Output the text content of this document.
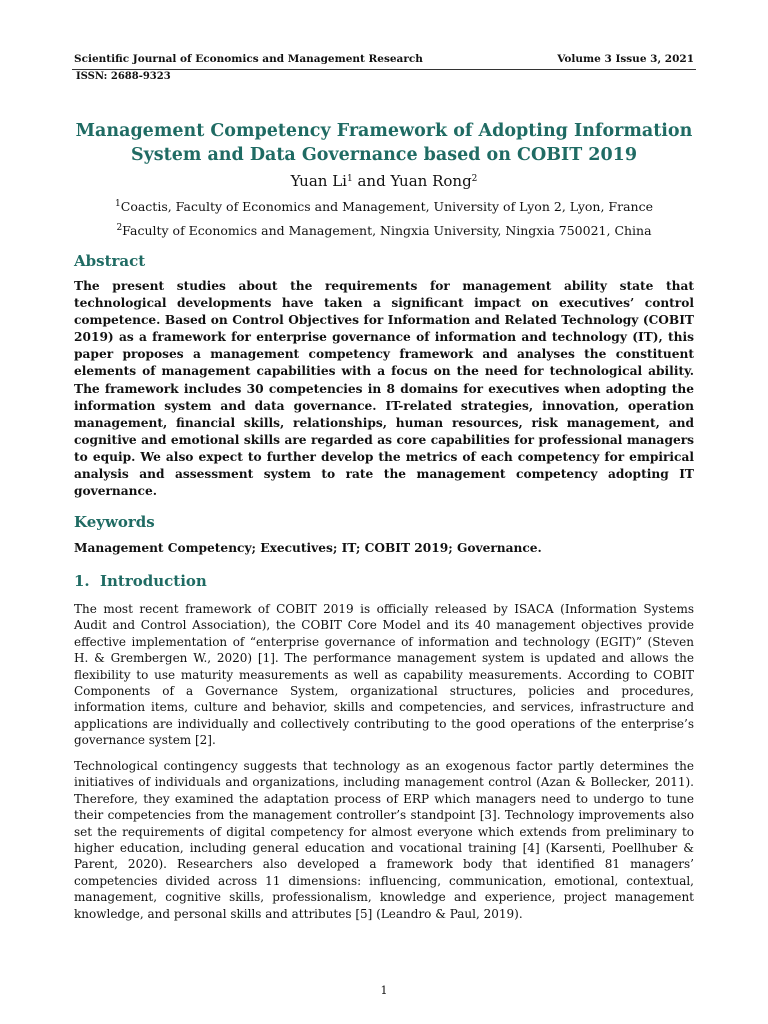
Scientific Journal of Economics and Management Research	Volume 3 Issue 3, 2021
ISSN: 2688-9323
Management Competency Framework of Adopting Information
System and Data Governance based on COBIT 2019
Yuan Li$^1$ and Yuan Rong$^2$
$^1$Coactis, Faculty of Economics and Management, University of Lyon 2, Lyon, France
$^2$Faculty of Economics and Management, Ningxia University, Ningxia 750021, China
Abstract

The present studies about the requirements for management ability state that technological developments have taken a significant impact on executives’ control competence. Based on Control Objectives for Information and Related Technology (COBIT 2019) as a framework for enterprise governance of information and technology (IT), this paper proposes a management competency framework and analyses the constituent elements of management capabilities with a focus on the need for technological ability. The framework includes 30 competencies in 8 domains for executives when adopting the information system and data governance. IT-related strategies, innovation, operation management, financial skills, relationships, human resources, risk management, and cognitive and emotional skills are regarded as core capabilities for professional managers to equip. We also expect to further develop the metrics of each competency for empirical analysis and assessment system to rate the management competency adopting IT governance.

Keywords

Management Competency; Executives; IT; COBIT 2019; Governance.

1. Introduction

The most recent framework of COBIT 2019 is officially released by ISACA (Information Systems Audit and Control Association), the COBIT Core Model and its 40 management objectives provide effective implementation of “enterprise governance of information and technology (EGIT)” (Steven H. & Grembergen W., 2020) [1]. The performance management system is updated and allows the flexibility to use maturity measurements as well as capability measurements. According to COBIT Components of a Governance System, organizational structures, policies and procedures, information items, culture and behavior, skills and competencies, and services, infrastructure and applications are individually and collectively contributing to the good operations of the enterprise’s governance system [2].

Technological contingency suggests that technology as an exogenous factor partly determines the initiatives of individuals and organizations, including management control (Azan & Bollecker, 2011). Therefore, they examined the adaptation process of ERP which managers need to undergo to tune their competencies from the management controller’s standpoint [3]. Technology improvements also set the requirements of digital competency for almost everyone which extends from preliminary to higher education, including general education and vocational training [4] (Karsenti, Poellhuber & Parent, 2020). Researchers also developed a framework body that identified 81 managers’ competencies divided across 11 dimensions: influencing, communication, emotional, contextual, management, cognitive skills, professionalism, knowledge and experience, project management knowledge, and personal skills and attributes [5] (Leandro & Paul, 2019).

1
